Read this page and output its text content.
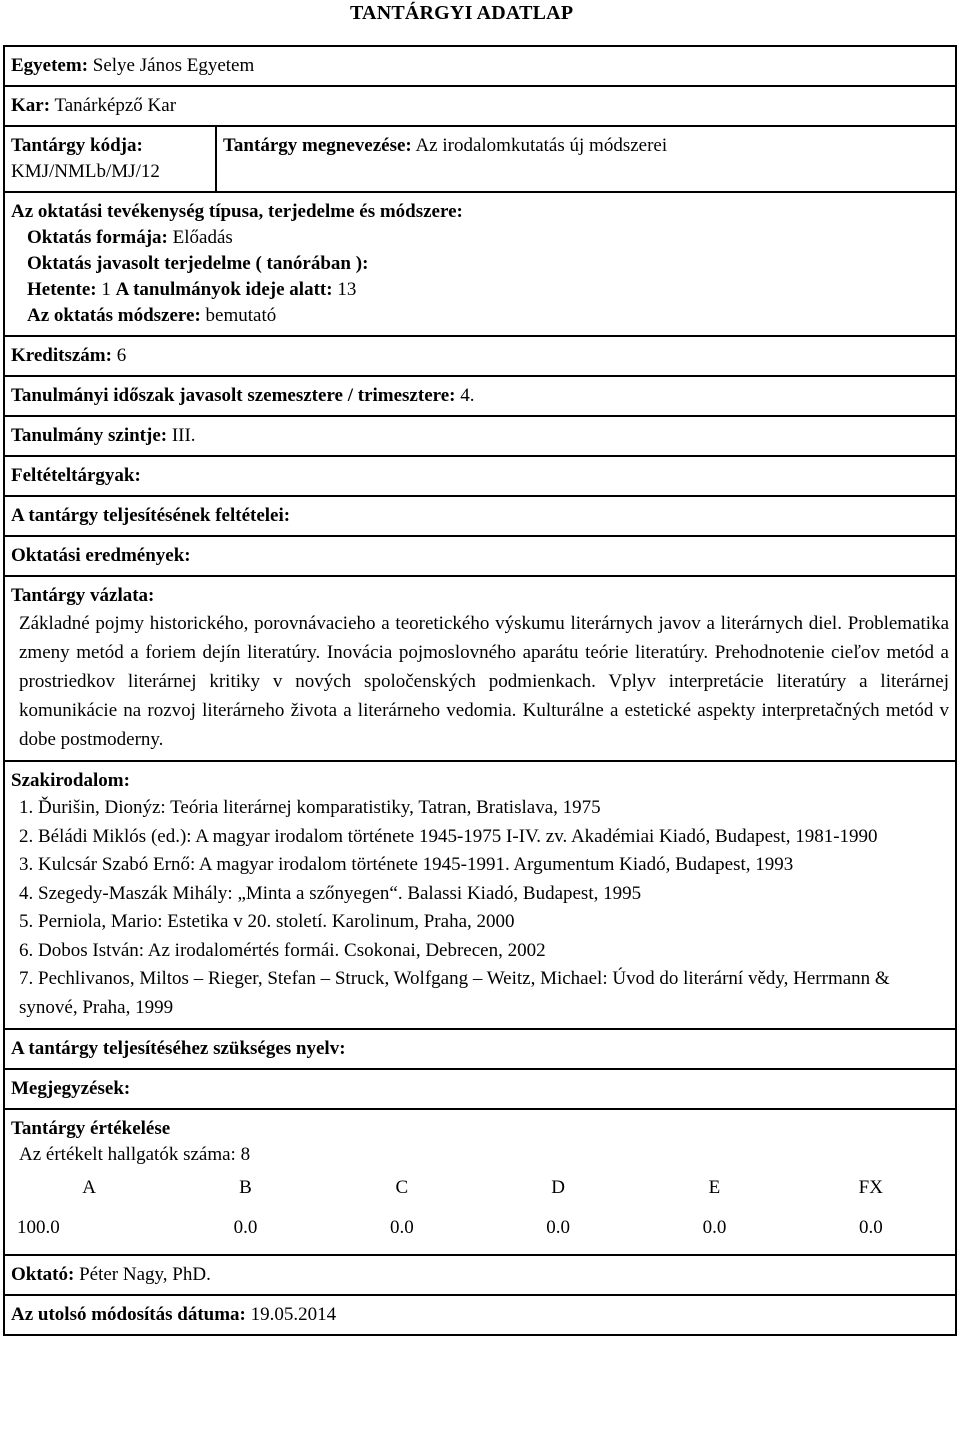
TANTÁRGYI ADATLAP
Egyetem: Selye János Egyetem
Kar: Tanárképző Kar

Tantárgy kódja:
KMJ/NMLb/MJ/12
	Tantárgy megnevezése: Az irodalomkutatás új módszerei

Az oktatási tevékenység típusa, terjedelme és módszere:
Oktatás formája: Előadás
Oktatás javasolt terjedelme ( tanórában ):
Hetente: 1 A tanulmányok ideje alatt: 13
Az oktatás módszere: bemutató

Kreditszám: 6
Tanulmányi időszak javasolt szemesztere / trimesztere: 4.
Tanulmány szintje: III.
Feltételtárgyak:
A tantárgy teljesítésének feltételei:
Oktatási eredmények:

Tantárgy vázlata:
Základné pojmy historického, porovnávacieho a teoretického výskumu literárnych javov a literárnych diel. Problematika zmeny metód a foriem dejín literatúry. Inovácia pojmoslovného aparátu teórie literatúry. Prehodnotenie cieľov metód a prostriedkov literárnej kritiky v nových spoločenských podmienkach. Vplyv interpretácie literatúry a literárnej komunikácie na rozvoj literárneho života a literárneho vedomia. Kulturálne a estetické aspekty interpretačných metód v dobe postmoderny.

Szakirodalom:
1. Ďurišin, Dionýz: Teória literárnej komparatistiky, Tatran, Bratislava, 1975
2. Béládi Miklós (ed.): A magyar irodalom története 1945-1975 I-IV. zv. Akadémiai Kiadó, Budapest, 1981-1990
3. Kulcsár Szabó Ernő: A magyar irodalom története 1945-1991. Argumentum Kiadó, Budapest, 1993
4. Szegedy-Maszák Mihály: „Minta a szőnyegen“. Balassi Kiadó, Budapest, 1995
5. Perniola, Mario: Estetika v 20. století. Karolinum, Praha, 2000
6. Dobos István: Az irodalomértés formái. Csokonai, Debrecen, 2002
7. Pechlivanos, Miltos – Rieger, Stefan – Struck, Wolfgang – Weitz, Michael: Úvod do literární vědy, Herrmann & synové, Praha, 1999

A tantárgy teljesítéséhez szükséges nyelv:
Megjegyzések:

Tantárgy értékelése
Az értékelt hallgatók száma: 8
A	B	C	D	E	FX
100.0	0.0	0.0	0.0	0.0	0.0

Oktató: Péter Nagy, PhD.
Az utolsó módosítás dátuma: 19.05.2014
